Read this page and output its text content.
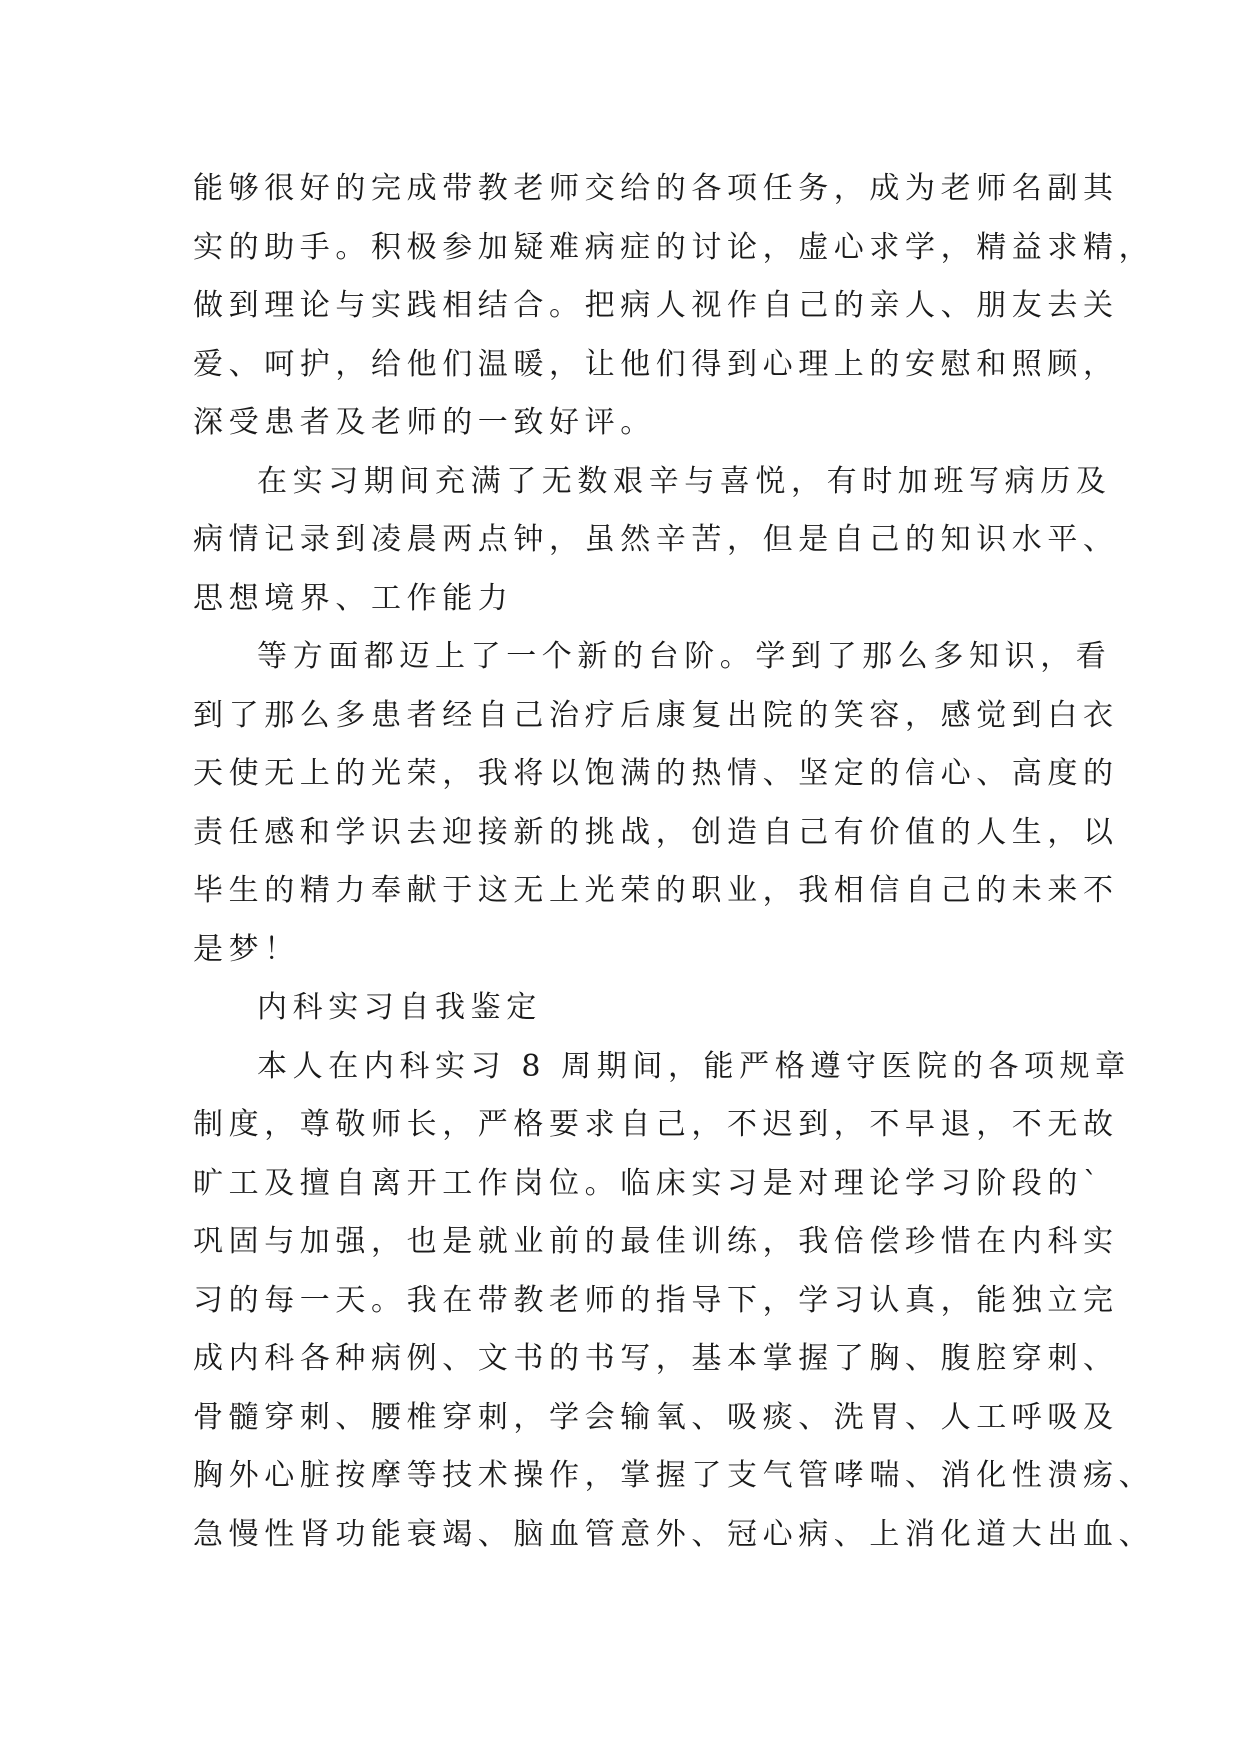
能够很好的完成带教老师交给的各项任务，成为老师名副其
实的助手。积极参加疑难病症的讨论，虚心求学，精益求精，
做到理论与实践相结合。把病人视作自己的亲人、朋友去关
爱、呵护，给他们温暖，让他们得到心理上的安慰和照顾，
深受患者及老师的一致好评。
在实习期间充满了无数艰辛与喜悦，有时加班写病历及
病情记录到凌晨两点钟，虽然辛苦，但是自己的知识水平、
思想境界、工作能力
等方面都迈上了一个新的台阶。学到了那么多知识，看
到了那么多患者经自己治疗后康复出院的笑容，感觉到白衣
天使无上的光荣，我将以饱满的热情、坚定的信心、高度的
责任感和学识去迎接新的挑战，创造自己有价值的人生，以
毕生的精力奉献于这无上光荣的职业，我相信自己的未来不
是梦！
内科实习自我鉴定
本人在内科实习 8 周期间，能严格遵守医院的各项规章
制度，尊敬师长，严格要求自己，不迟到，不早退，不无故
旷工及擅自离开工作岗位。临床实习是对理论学习阶段的`
巩固与加强，也是就业前的最佳训练，我倍偿珍惜在内科实
习的每一天。我在带教老师的指导下，学习认真，能独立完
成内科各种病例、文书的书写，基本掌握了胸、腹腔穿刺、
骨髓穿刺、腰椎穿刺，学会输氧、吸痰、洗胃、人工呼吸及
胸外心脏按摩等技术操作，掌握了支气管哮喘、消化性溃疡、
急慢性肾功能衰竭、脑血管意外、冠心病、上消化道大出血、
